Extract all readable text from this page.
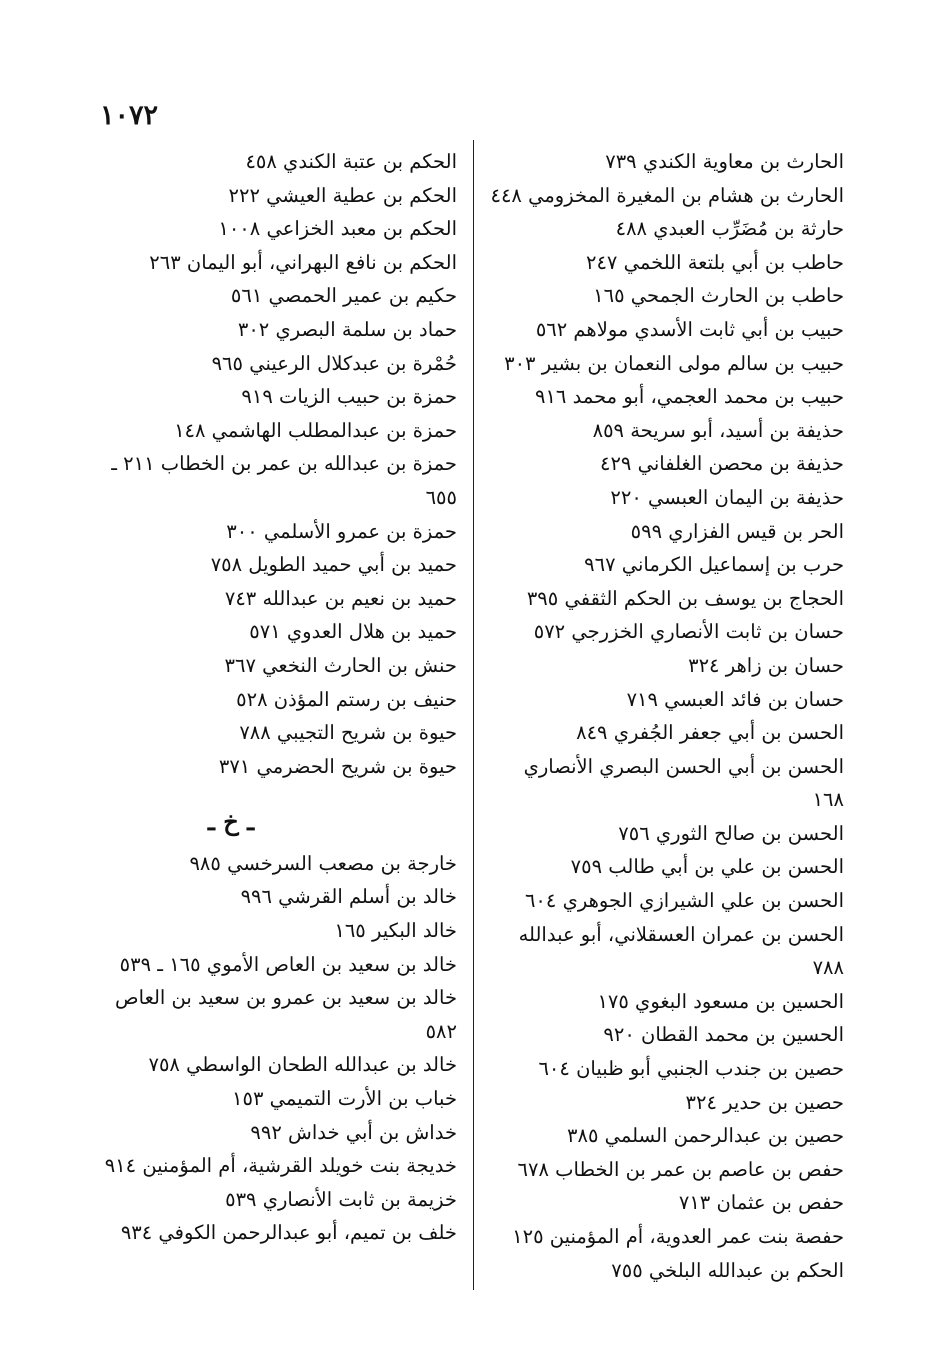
١٠٧٢

الحارث بن معاوية الكندي ٧٣٩

الحارث بن هشام بن المغيرة المخزومي ٤٤٨

حارثة بن مُضَرِّب العبدي ٤٨٨

حاطب بن أبي بلتعة اللخمي ٢٤٧

حاطب بن الحارث الجمحي ١٦٥

حبيب بن أبي ثابت الأسدي مولاهم ٥٦٢

حبيب بن سالم مولى النعمان بن بشير ٣٠٣

حبيب بن محمد العجمي، أبو محمد ٩١٦

حذيفة بن أسيد، أبو سريحة ٨٥٩

حذيفة بن محصن الغلفاني ٤٢٩

حذيفة بن اليمان العبسي ٢٢٠

الحر بن قيس الفزاري ٥٩٩

حرب بن إسماعيل الكرماني ٩٦٧

الحجاج بن يوسف بن الحكم الثقفي ٣٩٥

حسان بن ثابت الأنصاري الخزرجي ٥٧٢

حسان بن زاهر ٣٢٤

حسان بن فائد العبسي ٧١٩

الحسن بن أبي جعفر الجُفري ٨٤٩

الحسن بن أبي الحسن البصري الأنصاري ١٦٨

الحسن بن صالح الثوري ٧٥٦

الحسن بن علي بن أبي طالب ٧٥٩

الحسن بن علي الشيرازي الجوهري ٦٠٤

الحسن بن عمران العسقلاني، أبو عبدالله ٧٨٨

الحسين بن مسعود البغوي ١٧٥

الحسين بن محمد القطان ٩٢٠

حصين بن جندب الجنبي أبو ظبيان ٦٠٤

حصين بن حدير ٣٢٤

حصين بن عبدالرحمن السلمي ٣٨٥

حفص بن عاصم بن عمر بن الخطاب ٦٧٨

حفص بن عثمان ٧١٣

حفصة بنت عمر العدوية، أم المؤمنين ١٢٥

الحكم بن عبدالله البلخي ٧٥٥

الحكم بن عتبة الكندي ٤٥٨

الحكم بن عطية العيشي ٢٢٢

الحكم بن معبد الخزاعي ١٠٠٨

الحكم بن نافع البهراني، أبو اليمان ٢٦٣

حكيم بن عمير الحمصي ٥٦١

حماد بن سلمة البصري ٣٠٢

حُمْرة بن عبدكلال الرعيني ٩٦٥

حمزة بن حبيب الزيات ٩١٩

حمزة بن عبدالمطلب الهاشمي ١٤٨

حمزة بن عبدالله بن عمر بن الخطاب ٢١١ ـ ٦٥٥

حمزة بن عمرو الأسلمي ٣٠٠

حميد بن أبي حميد الطويل ٧٥٨

حميد بن نعيم بن عبدالله ٧٤٣

حميد بن هلال العدوي ٥٧١

حنش بن الحارث النخعي ٣٦٧

حنيف بن رستم المؤذن ٥٢٨

حيوة بن شريح التجيبي ٧٨٨

حيوة بن شريح الحضرمي ٣٧١

ـ خ ـ

خارجة بن مصعب السرخسي ٩٨٥

خالد بن أسلم القرشي ٩٩٦

خالد البكير ١٦٥

خالد بن سعيد بن العاص الأموي ١٦٥ ـ ٥٣٩

خالد بن سعيد بن عمرو بن سعيد بن العاص ٥٨٢

خالد بن عبدالله الطحان الواسطي ٧٥٨

خباب بن الأرت التميمي ١٥٣

خداش بن أبي خداش ٩٩٢

خديجة بنت خويلد القرشية، أم المؤمنين ٩١٤

خزيمة بن ثابت الأنصاري ٥٣٩

خلف بن تميم، أبو عبدالرحمن الكوفي ٩٣٤
